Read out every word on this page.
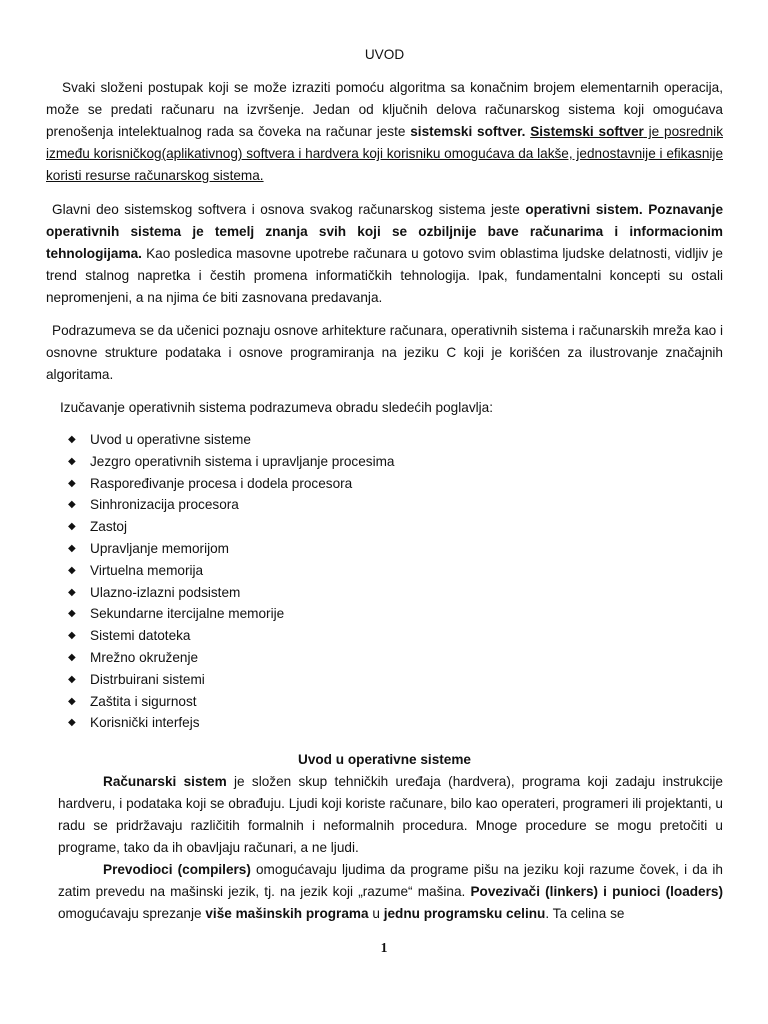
UVOD

Svaki složeni postupak koji se može izraziti pomoću algoritma sa konačnim brojem elementarnih operacija, može se predati računaru na izvršenje. Jedan od ključnih delova računarskog sistema koji omogućava prenošenja intelektualnog rada sa čoveka na računar jeste sistemski softver. Sistemski softver je posrednik između korisničkog(aplikativnog) softvera i hardvera koji korisniku omogućava da lakše, jednostavnije i efikasnije koristi resurse računarskog sistema.

Glavni deo sistemskog softvera i osnova svakog računarskog sistema jeste operativni sistem. Poznavanje operativnih sistema je temelj znanja svih koji se ozbiljnije bave računarima i informacionim tehnologijama. Kao posledica masovne upotrebe računara u gotovo svim oblastima ljudske delatnosti, vidljiv je trend stalnog napretka i čestih promena informatičkih tehnologija. Ipak, fundamentalni koncepti su ostali nepromenjeni, a na njima će biti zasnovana predavanja.

Podrazumeva se da učenici poznaju osnove arhitekture računara, operativnih sistema i računarskih mreža kao i osnovne strukture podataka i osnove programiranja na jeziku C koji je korišćen za ilustrovanje značajnih algoritama.

Izučavanje operativnih sistema podrazumeva obradu sledećih poglavlja:

◆ Uvod u operativne sisteme
◆ Jezgro operativnih sistema i upravljanje procesima
◆ Raspoređivanje procesa i dodela procesora
◆ Sinhronizacija procesora
◆ Zastoj
◆ Upravljanje memorijom
◆ Virtuelna memorija
◆ Ulazno-izlazni podsistem
◆ Sekundarne itercijalne memorije
◆ Sistemi datoteka
◆ Mrežno okruženje
◆ Distrbuirani sistemi
◆ Zaštita i sigurnost
◆ Korisnički interfejs
Uvod u operativne sisteme

Računarski sistem je složen skup tehničkih uređaja (hardvera), programa koji zadaju instrukcije hardveru, i podataka koji se obrađuju. Ljudi koji koriste računare, bilo kao operateri, programeri ili projektanti, u radu se pridržavaju različitih formalnih i neformalnih procedura. Mnoge procedure se mogu pretočiti u programe, tako da ih obavljaju računari, a ne ljudi.

Prevodioci (compilers) omogućavaju ljudima da programe pišu na jeziku koji razume čovek, i da ih zatim prevedu na mašinski jezik, tj. na jezik koji „razume“ mašina. Povezivači (linkers) i punioci (loaders) omogućavaju sprezanje više mašinskih programa u jednu programsku celinu. Ta celina se

1
